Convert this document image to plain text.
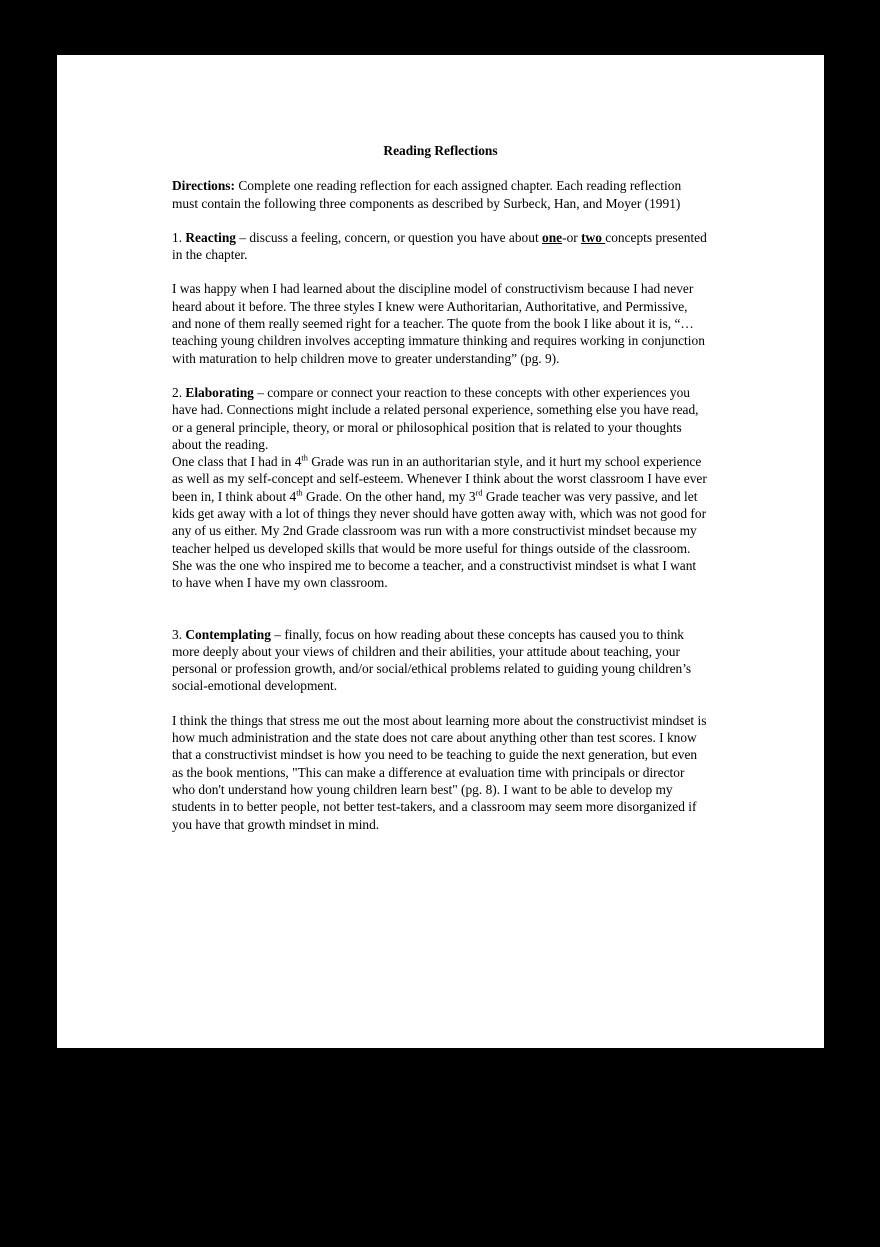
Reading Reflections

Directions: Complete one reading reflection for each assigned chapter. Each reading reflection must contain the following three components as described by Surbeck, Han, and Moyer (1991)

1. Reacting – discuss a feeling, concern, or question you have about one-or two concepts presented in the chapter.

I was happy when I had learned about the discipline model of constructivism because I had never heard about it before. The three styles I knew were Authoritarian, Authoritative, and Permissive, and none of them really seemed right for a teacher. The quote from the book I like about it is, “…teaching young children involves accepting immature thinking and requires working in conjunction with maturation to help children move to greater understanding” (pg. 9).

2. Elaborating – compare or connect your reaction to these concepts with other experiences you have had. Connections might include a related personal experience, something else you have read, or a general principle, theory, or moral or philosophical position that is related to your thoughts about the reading.

One class that I had in 4th Grade was run in an authoritarian style, and it hurt my school experience as well as my self-concept and self-esteem. Whenever I think about the worst classroom I have ever been in, I think about 4th Grade. On the other hand, my 3rd Grade teacher was very passive, and let kids get away with a lot of things they never should have gotten away with, which was not good for any of us either. My 2nd Grade classroom was run with a more constructivist mindset because my teacher helped us developed skills that would be more useful for things outside of the classroom. She was the one who inspired me to become a teacher, and a constructivist mindset is what I want to have when I have my own classroom.

3. Contemplating – finally, focus on how reading about these concepts has caused you to think more deeply about your views of children and their abilities, your attitude about teaching, your personal or profession growth, and/or social/ethical problems related to guiding young children’s social-emotional development.

I think the things that stress me out the most about learning more about the constructivist mindset is how much administration and the state does not care about anything other than test scores. I know that a constructivist mindset is how you need to be teaching to guide the next generation, but even as the book mentions, "This can make a difference at evaluation time with principals or director who don't understand how young children learn best" (pg. 8). I want to be able to develop my students in to better people, not better test-takers, and a classroom may seem more disorganized if you have that growth mindset in mind.
